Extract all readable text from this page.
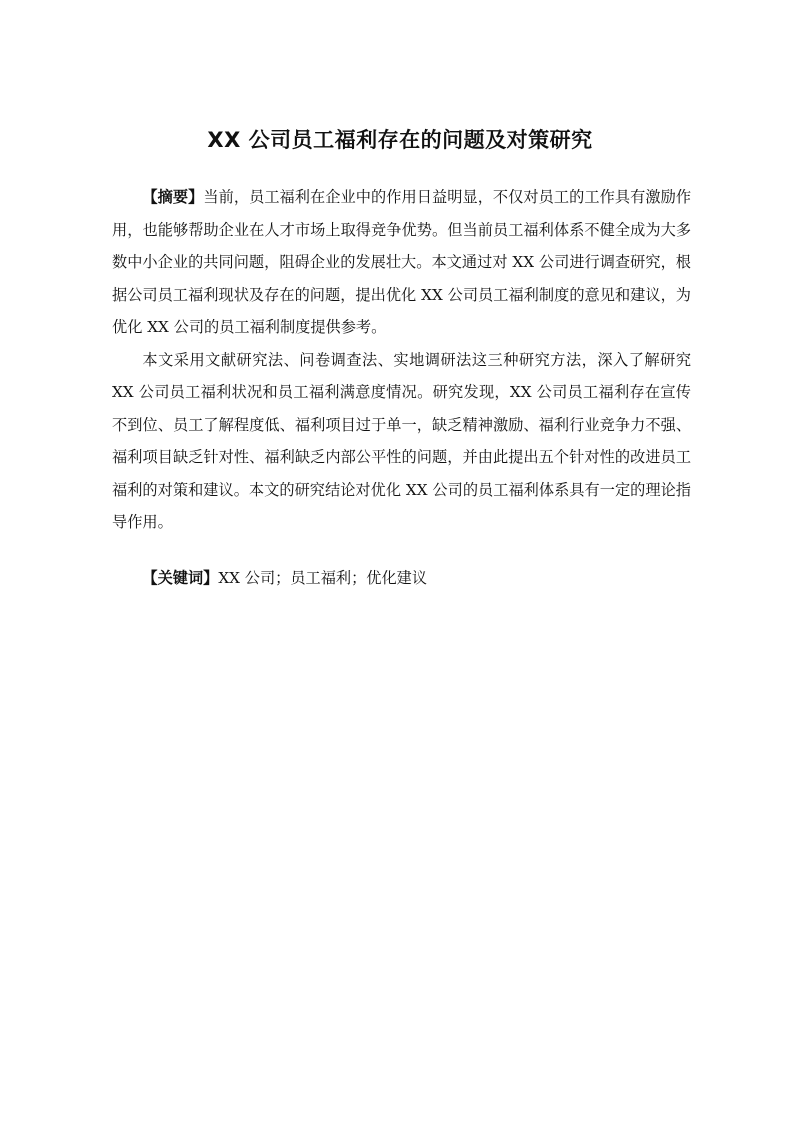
XX 公司员工福利存在的问题及对策研究

【摘要】当前，员工福利在企业中的作用日益明显，不仅对员工的工作具有激励作用，也能够帮助企业在人才市场上取得竞争优势。但当前员工福利体系不健全成为大多数中小企业的共同问题，阻碍企业的发展壮大。本文通过对 XX 公司进行调查研究，根据公司员工福利现状及存在的问题，提出优化 XX 公司员工福利制度的意见和建议，为优化 XX 公司的员工福利制度提供参考。

本文采用文献研究法、问卷调查法、实地调研法这三种研究方法，深入了解研究 XX 公司员工福利状况和员工福利满意度情况。研究发现，XX 公司员工福利存在宣传不到位、员工了解程度低、福利项目过于单一，缺乏精神激励、福利行业竞争力不强、福利项目缺乏针对性、福利缺乏内部公平性的问题，并由此提出五个针对性的改进员工福利的对策和建议。本文的研究结论对优化 XX 公司的员工福利体系具有一定的理论指导作用。

【关键词】XX 公司；员工福利；优化建议
